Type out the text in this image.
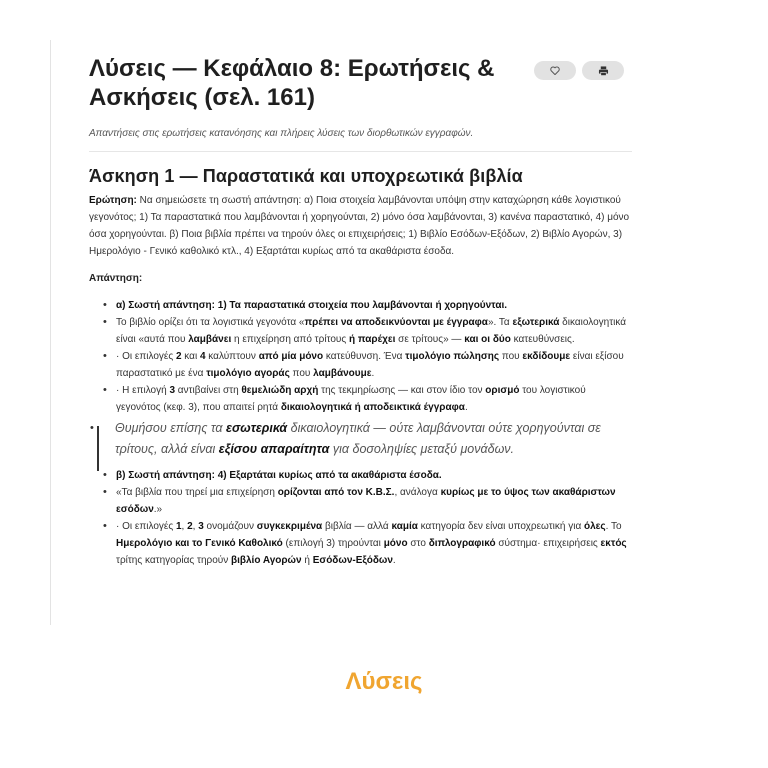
Λύσεις — Κεφάλαιο 8: Ερωτήσεις & Ασκήσεις (σελ. 161)

Απαντήσεις στις ερωτήσεις κατανόησης και πλήρεις λύσεις των διορθωτικών εγγραφών.

Άσκηση 1 — Παραστατικά και υποχρεωτικά βιβλία

Ερώτηση: Να σημειώσετε τη σωστή απάντηση: α) Ποια στοιχεία λαμβάνονται υπόψη στην καταχώρηση κάθε λογιστικού γεγονότος; 1) Τα παραστατικά που λαμβάνονται ή χορηγούνται, 2) μόνο όσα λαμβάνονται, 3) κανένα παραστατικό, 4) μόνο όσα χορηγούνται. β) Ποια βιβλία πρέπει να τηρούν όλες οι επιχειρήσεις; 1) Βιβλίο Εσόδων-Εξόδων, 2) Βιβλίο Αγορών, 3) Ημερολόγιο - Γενικό καθολικό κτλ., 4) Εξαρτάται κυρίως από τα ακαθάριστα έσοδα.

Απάντηση:

• α) Σωστή απάντηση: 1) Τα παραστατικά στοιχεία που λαμβάνονται ή χορηγούνται.
• Το βιβλίο ορίζει ότι τα λογιστικά γεγονότα «πρέπει να αποδεικνύονται με έγγραφα». Τα εξωτερικά δικαιολογητικά είναι «αυτά που λαμβάνει η επιχείρηση από τρίτους ή παρέχει σε τρίτους» — και οι δύο κατευθύνσεις.
• · Οι επιλογές 2 και 4 καλύπτουν από μία μόνο κατεύθυνση. Ένα τιμολόγιο πώλησης που εκδίδουμε είναι εξίσου παραστατικό με ένα τιμολόγιο αγοράς που λαμβάνουμε.
• · Η επιλογή 3 αντιβαίνει στη θεμελιώδη αρχή της τεκμηρίωσης — και στον ίδιο τον ορισμό του λογιστικού γεγονότος (κεφ. 3), που απαιτεί ρητά δικαιολογητικά ή αποδεικτικά έγγραφα.
• Θυμήσου επίσης τα εσωτερικά δικαιολογητικά — ούτε λαμβάνονται ούτε χορηγούνται σε τρίτους, αλλά είναι εξίσου απαραίτητα για δοσοληψίες μεταξύ μονάδων.
• β) Σωστή απάντηση: 4) Εξαρτάται κυρίως από τα ακαθάριστα έσοδα.
• «Τα βιβλία που τηρεί μια επιχείρηση ορίζονται από τον Κ.Β.Σ., ανάλογα κυρίως με το ύψος των ακαθάριστων εσόδων.»
• · Οι επιλογές 1, 2, 3 ονομάζουν συγκεκριμένα βιβλία — αλλά καμία κατηγορία δεν είναι υποχρεωτική για όλες. Το Ημερολόγιο και το Γενικό Καθολικό (επιλογή 3) τηρούνται μόνο στο διπλογραφικό σύστημα· επιχειρήσεις εκτός τρίτης κατηγορίας τηρούν βιβλίο Αγορών ή Εσόδων-Εξόδων.
Λύσεις
